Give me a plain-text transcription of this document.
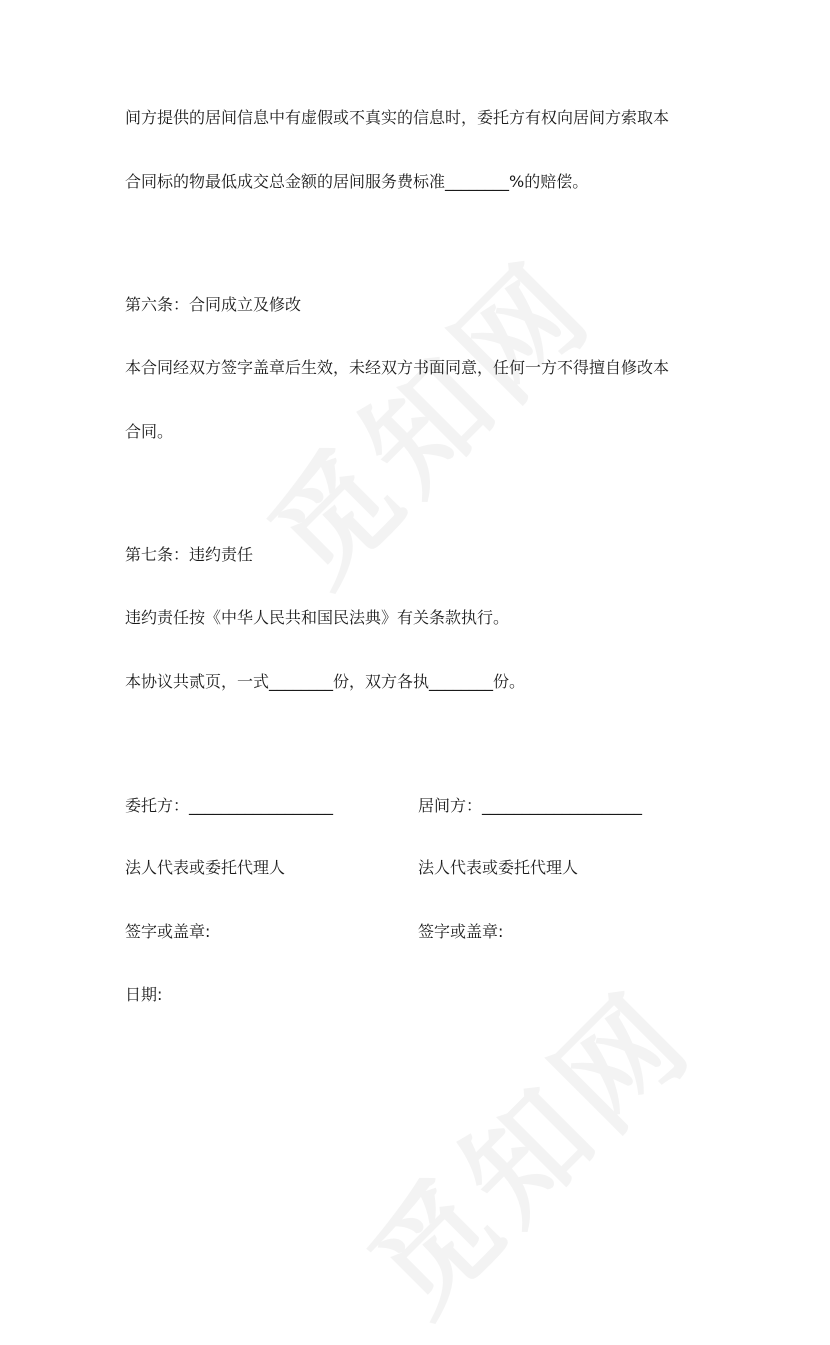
间方提供的居间信息中有虚假或不真实的信息时，委托方有权向居间方索取本
合同标的物最低成交总金额的居间服务费标准________%的赔偿。
第六条：合同成立及修改
本合同经双方签字盖章后生效，未经双方书面同意，任何一方不得擅自修改本
合同。
第七条：违约责任
违约责任按《中华人民共和国民法典》有关条款执行。
本协议共贰页，一式________份，双方各执________份。
委托方：__________________	居间方：____________________
法人代表或委托代理人	法人代表或委托代理人
签字或盖章:	签字或盖章:
日期:
